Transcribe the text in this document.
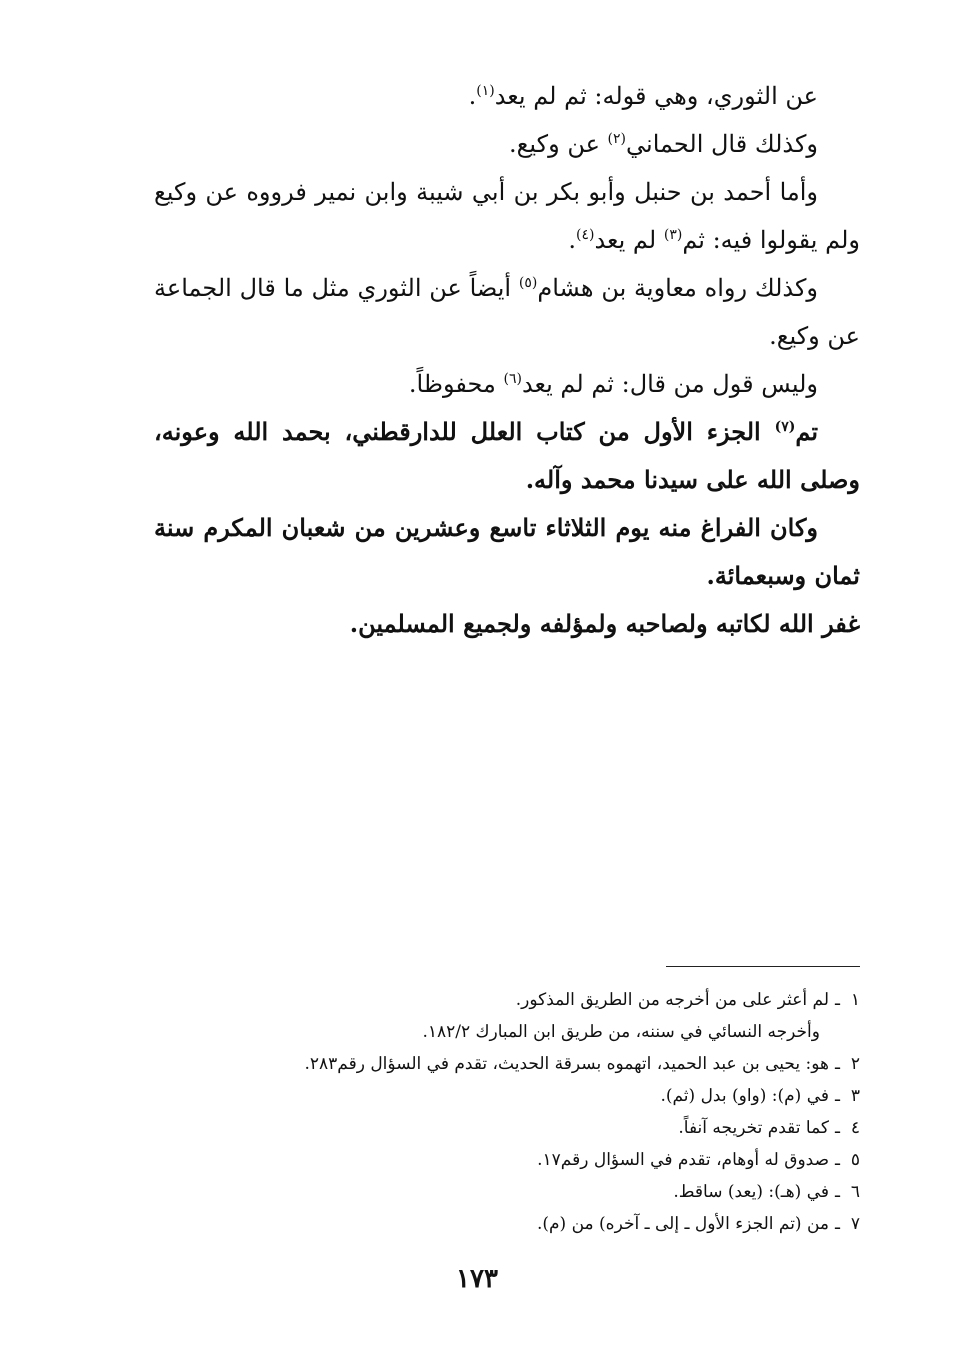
عن الثوري، وهي قوله: ثم لم يعد$^{(١)}$.

وكذلك قال الحماني$^{(٢)}$ عن وكيع.

وأما أحمد بن حنبل وأبو بكر بن أبي شيبة وابن نمير فرووه عن وكيع ولم يقولوا فيه: ثم$^{(٣)}$ لم يعد$^{(٤)}$.

وكذلك رواه معاوية بن هشام$^{(٥)}$ أيضاً عن الثوري مثل ما قال الجماعة عن وكيع.

وليس قول من قال: ثم لم يعد$^{(٦)}$ محفوظاً.

تم$^{(٧)}$ الجزء الأول من كتاب العلل للدارقطني، بحمد الله وعونه، وصلى الله على سيدنا محمد وآله.

وكان الفراغ منه يوم الثلاثاء تاسع وعشرين من شعبان المكرم سنة ثمان وسبعمائة.

غفر الله لكاتبه ولصاحبه ولمؤلفه ولجميع المسلمين.

١ـلم أعثر على من أخرجه من الطريق المذكور.

وأخرجه النسائي في سننه، من طريق ابن المبارك ١٨٢/٢.

٢ـهو: يحيى بن عبد الحميد، اتهموه بسرقة الحديث، تقدم في السؤال رقم٢٨٣.

٣ـفي (م): (واو) بدل (ثم).

٤ـكما تقدم تخريجه آنفاً.

٥ـصدوق له أوهام، تقدم في السؤال رقم١٧.

٦ـفي (هـ): (يعد) ساقط.

٧ـمن (تم الجزء الأول ـ إلى ـ آخره) من (م).

١٧٣
